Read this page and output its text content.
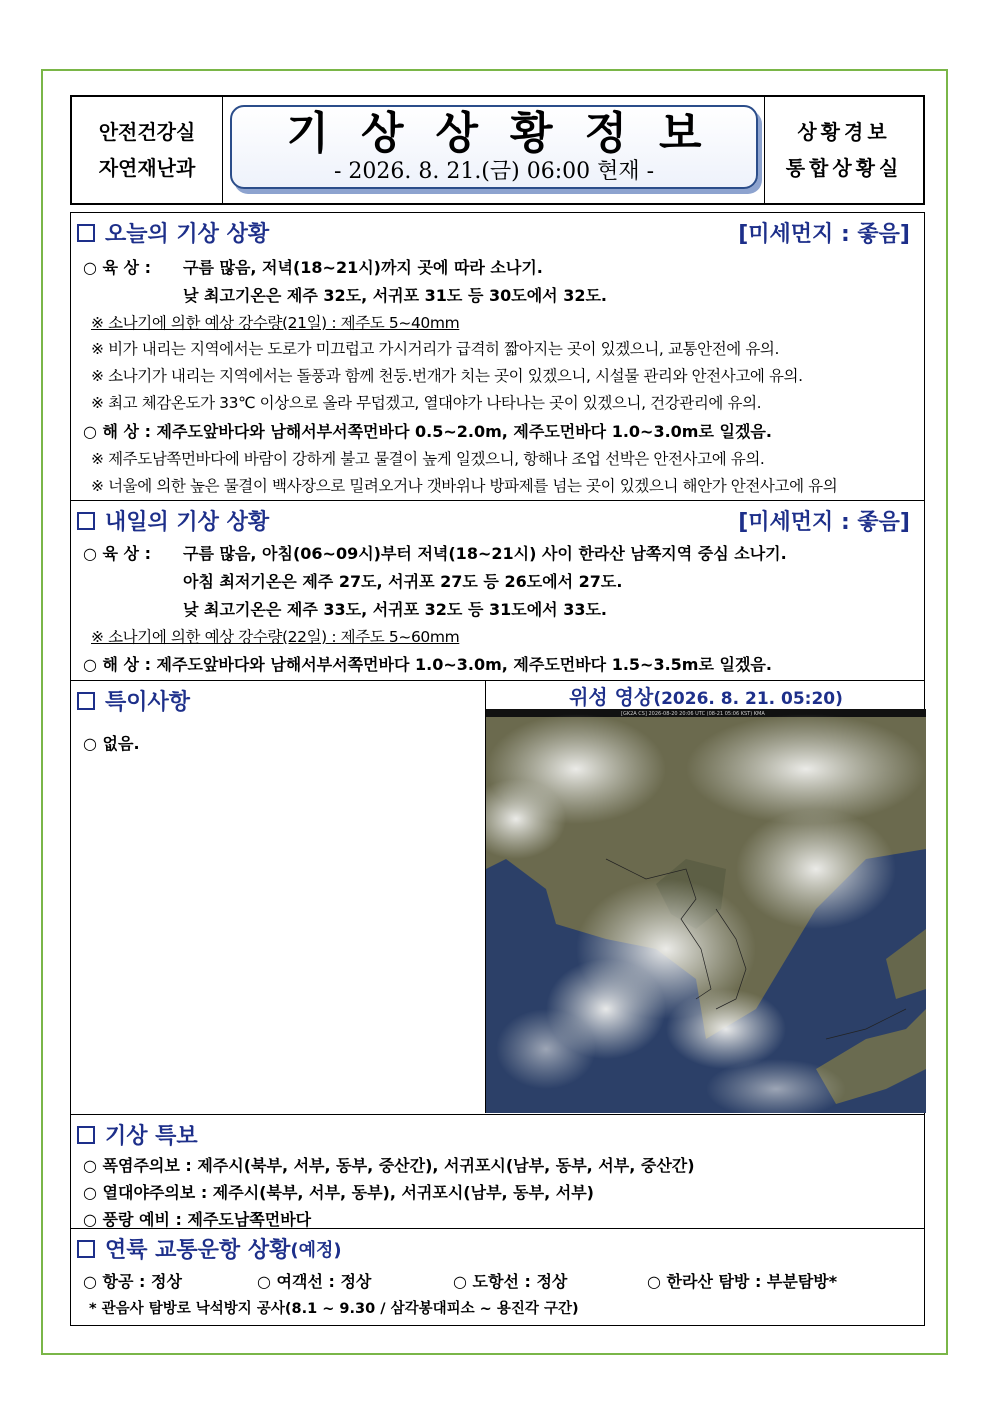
안전건강실
자연재난과
기상상황정보
- 2026. 8. 21.(금) 06:00 현재 -
상황경보
통합상황실
오늘의 기상 상황	[미세먼지 : 좋음]
○ 육 상 : 구름 많음, 저녁(18~21시)까지 곳에 따라 소나기.
낮 최고기온은 제주 32도, 서귀포 31도 등 30도에서 32도.
※ 소나기에 의한 예상 강수량(21일) : 제주도 5~40mm
※ 비가 내리는 지역에서는 도로가 미끄럽고 가시거리가 급격히 짧아지는 곳이 있겠으니, 교통안전에 유의.
※ 소나기가 내리는 지역에서는 돌풍과 함께 천둥.번개가 치는 곳이 있겠으니, 시설물 관리와 안전사고에 유의.
※ 최고 체감온도가 33℃ 이상으로 올라 무덥겠고, 열대야가 나타나는 곳이 있겠으니, 건강관리에 유의.
○ 해 상 : 제주도앞바다와 남해서부서쪽먼바다 0.5~2.0m, 제주도먼바다 1.0~3.0m로 일겠음.
※ 제주도남쪽먼바다에 바람이 강하게 불고 물결이 높게 일겠으니, 항해나 조업 선박은 안전사고에 유의.
※ 너울에 의한 높은 물결이 백사장으로 밀려오거나 갯바위나 방파제를 넘는 곳이 있겠으니 해안가 안전사고에 유의
내일의 기상 상황	[미세먼지 : 좋음]
○ 육 상 : 구름 많음, 아침(06~09시)부터 저녁(18~21시) 사이 한라산 남쪽지역 중심 소나기.
아침 최저기온은 제주 27도, 서귀포 27도 등 26도에서 27도.
낮 최고기온은 제주 33도, 서귀포 32도 등 31도에서 33도.
※ 소나기에 의한 예상 강수량(22일) : 제주도 5~60mm
○ 해 상 : 제주도앞바다와 남해서부서쪽먼바다 1.0~3.0m, 제주도먼바다 1.5~3.5m로 일겠음.
특이사항
○ 없음.
위성 영상(2026. 8. 21. 05:20)
[GK2A CS] 2026-08-20 20:06 UTC (08-21 05:06 KST) KMA
기상 특보
○ 폭염주의보 : 제주시(북부, 서부, 동부, 중산간), 서귀포시(남부, 동부, 서부, 중산간)
○ 열대야주의보 : 제주시(북부, 서부, 동부), 서귀포시(남부, 동부, 서부)
○ 풍랑 예비 : 제주도남쪽먼바다
연륙 교통운항 상황 (예정)
○ 항공 : 정상	○ 여객선 : 정상	○ 도항선 : 정상	○ 한라산 탐방 : 부분탐방*
* 관음사 탐방로 낙석방지 공사(8.1 ~ 9.30 / 삼각봉대피소 ~ 용진각 구간)
